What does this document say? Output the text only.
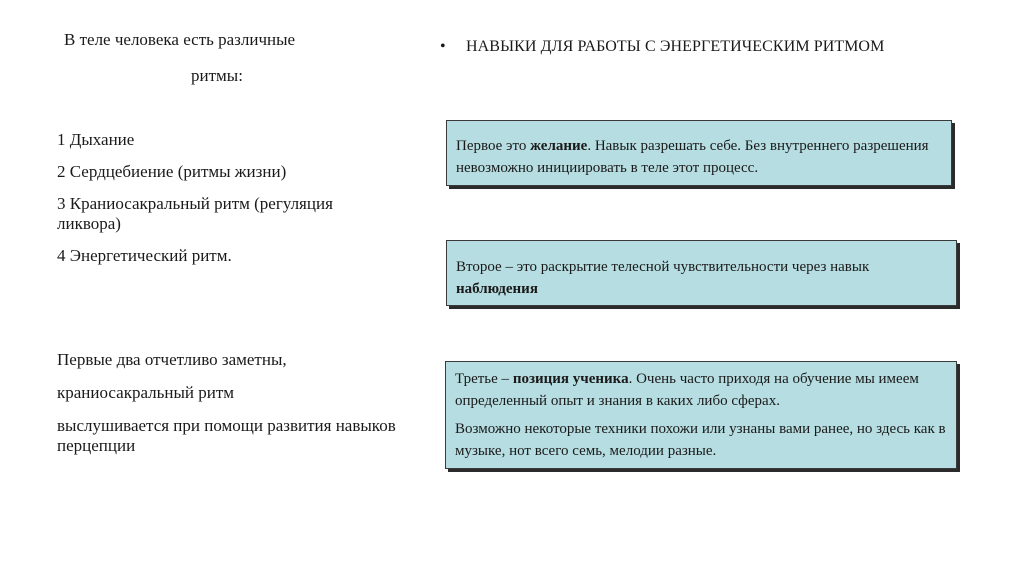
В теле человека есть различные
ритмы:
1 Дыхание
2 Сердцебиение (ритмы жизни)
3 Краниосакральный ритм (регуляция ликвора)
4 Энергетический ритм.

Первые два отчетливо заметны,

краниосакральный ритм

выслушивается при помощи развития навыков перцепции

• НАВЫКИ ДЛЯ РАБОТЫ С ЭНЕРГЕТИЧЕСКИМ РИТМОМ

Первое это желание. Навык разрешать себе. Без внутреннего разрешения невозможно инициировать в теле этот процесс.

Второе – это раскрытие телесной чувствительности через навык наблюдения

Третье – позиция ученика. Очень часто приходя на обучение мы имеем определенный опыт и знания в каких либо сферах.

Возможно некоторые техники похожи или узнаны вами ранее, но здесь как в музыке, нот всего семь, мелодии разные.
